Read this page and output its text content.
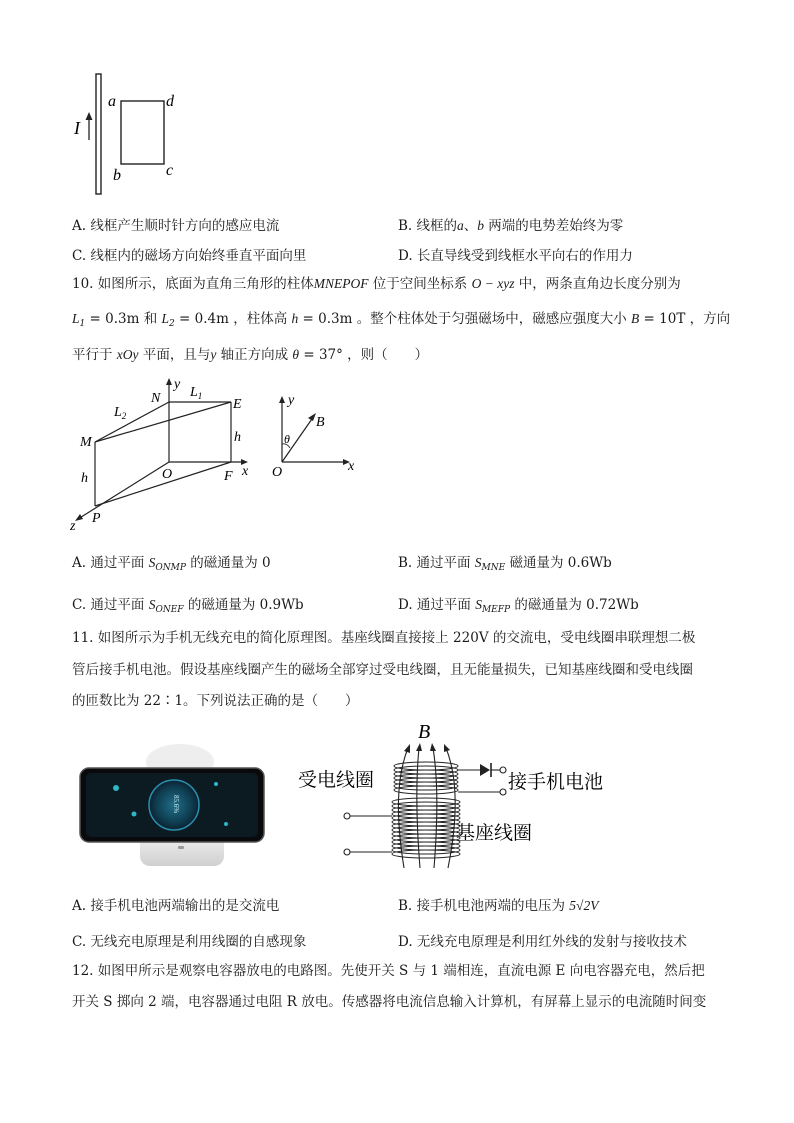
I
a	d
b	c
A. 线框产生顺时针方向的感应电流	B. 线框的a、b 两端的电势差始终为零
C. 线框内的磁场方向始终垂直平面向里	D. 长直导线受到线框水平向右的作用力
10. 如图所示，底面为直角三角形的柱体MNEPOF 位于空间坐标系 O − xyz 中，两条直角边长度分别为
$L_1 = 0.3m$ 和 $L_2 = 0.4m$ ，柱体高 h = 0.3m 。整个柱体处于匀强磁场中，磁感应强度大小 B = 10T ，方向
平行于 xOy 平面，且与y 轴正方向成 θ = 37° ，则（　　）
N
y
$L_1$
E
$L_2$
M	h
h	O	F x
P
z
y
B
θ
O	x
A. 通过平面 $S_{ONMP}$ 的磁通量为 0	B. 通过平面 $S_{MNE}$ 磁通量为 0.6Wb
C. 通过平面 $S_{ONEF}$ 的磁通量为 0.9Wb	D. 通过平面 $S_{MEFP}$ 的磁通量为 0.72Wb
11. 如图所示为手机无线充电的简化原理图。基座线圈直接接上 220V 的交流电，受电线圈串联理想二极
管后接手机电池。假设基座线圈产生的磁场全部穿过受电线圈，且无能量损失，已知基座线圈和受电线圈
的匝数比为 22∶1。下列说法正确的是（　　）
85.6%
B
受电线圈	接手机电池
基座线圈
A. 接手机电池两端输出的是交流电	B. 接手机电池两端的电压为 5√2V
C. 无线充电原理是利用线圈的自感现象	D. 无线充电原理是利用红外线的发射与接收技术
12. 如图甲所示是观察电容器放电的电路图。先使开关 S 与 1 端相连，直流电源 E 向电容器充电，然后把
开关 S 掷向 2 端，电容器通过电阻 R 放电。传感器将电流信息输入计算机，有屏幕上显示的电流随时间变
